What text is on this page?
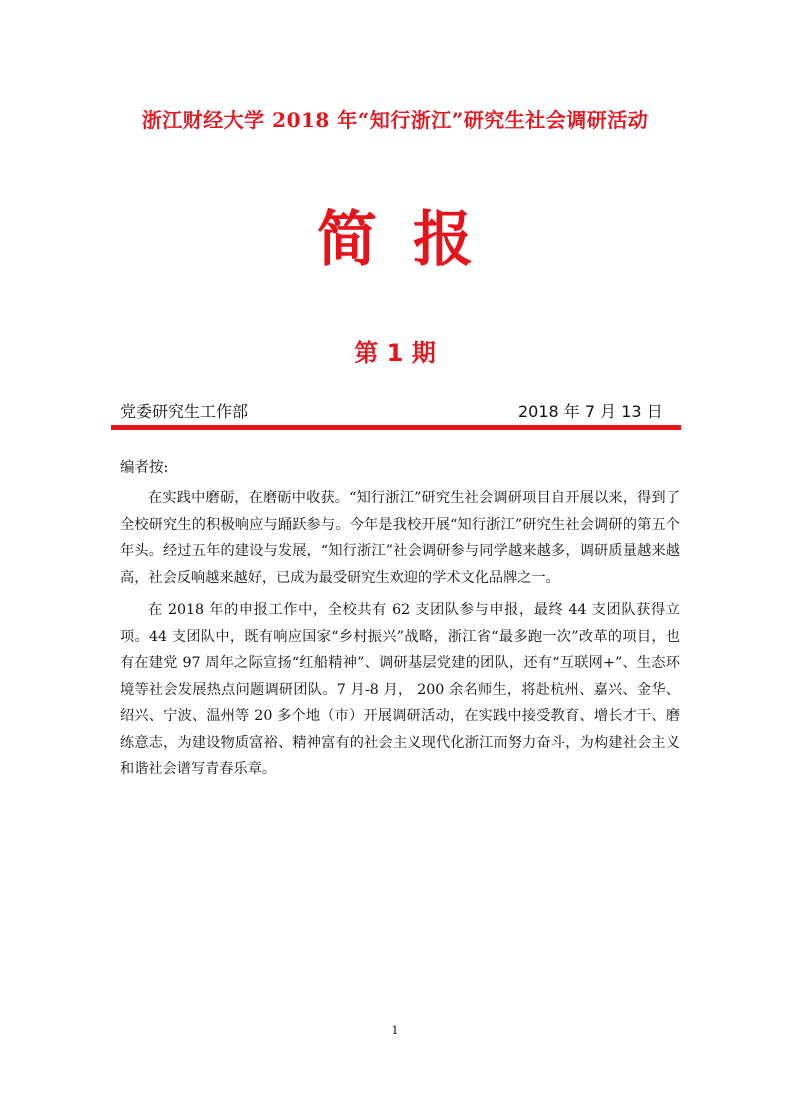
浙江财经大学 2018 年“知行浙江”研究生社会调研活动
简报
第 1 期
党委研究生工作部	2018 年 7 月 13 日
编者按:

在实践中磨砺，在磨砺中收获。“知行浙江”研究生社会调研项目自开展以来，得到了全校研究生的积极响应与踊跃参与。今年是我校开展“知行浙江”研究生社会调研的第五个年头。经过五年的建设与发展，“知行浙江”社会调研参与同学越来越多，调研质量越来越高，社会反响越来越好，已成为最受研究生欢迎的学术文化品牌之一。

在 2018 年的申报工作中，全校共有 62 支团队参与申报，最终 44 支团队获得立项。44 支团队中，既有响应国家“乡村振兴”战略，浙江省“最多跑一次”改革的项目，也有在建党 97 周年之际宣扬“红船精神”、调研基层党建的团队，还有“互联网+”、生态环境等社会发展热点问题调研团队。7 月-8 月， 200 余名师生，将赴杭州、嘉兴、金华、绍兴、宁波、温州等 20 多个地（市）开展调研活动，在实践中接受教育、增长才干、磨练意志，为建设物质富裕、精神富有的社会主义现代化浙江而努力奋斗，为构建社会主义和谐社会谱写青春乐章。

1
